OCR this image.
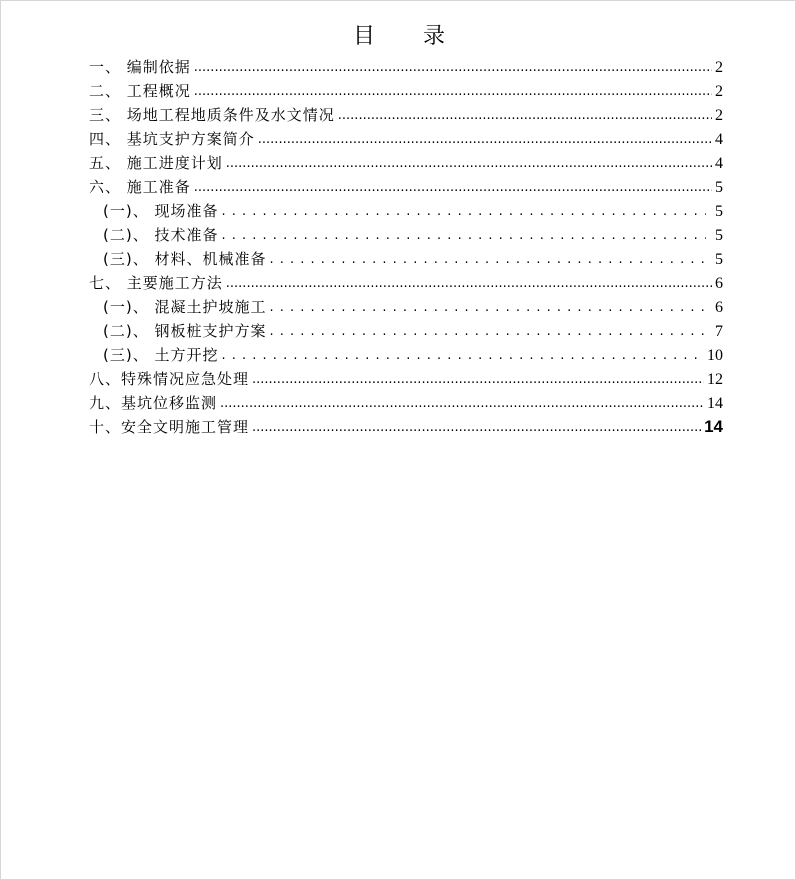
目 录
一、 编制依据 .....	2
二、 工程概况 .....	2
三、 场地工程地质条件及水文情况 .....	2
四、 基坑支护方案简介 .....	4
五、 施工进度计划 .....	4
六、 施工准备 .....	5
(一)、 现场准备 . . .	5
(二)、 技术准备 . . .	5
(三)、 材料、机械准备 . . .	5
七、 主要施工方法 .....	6
(一)、 混凝土护坡施工 . . .	6
(二)、 钢板桩支护方案 . . .	7
(三)、 土方开挖 . . .	10
八、特殊情况应急处理 .....	12
九、基坑位移监测 .....	14
十、安全文明施工管理 .....	14
